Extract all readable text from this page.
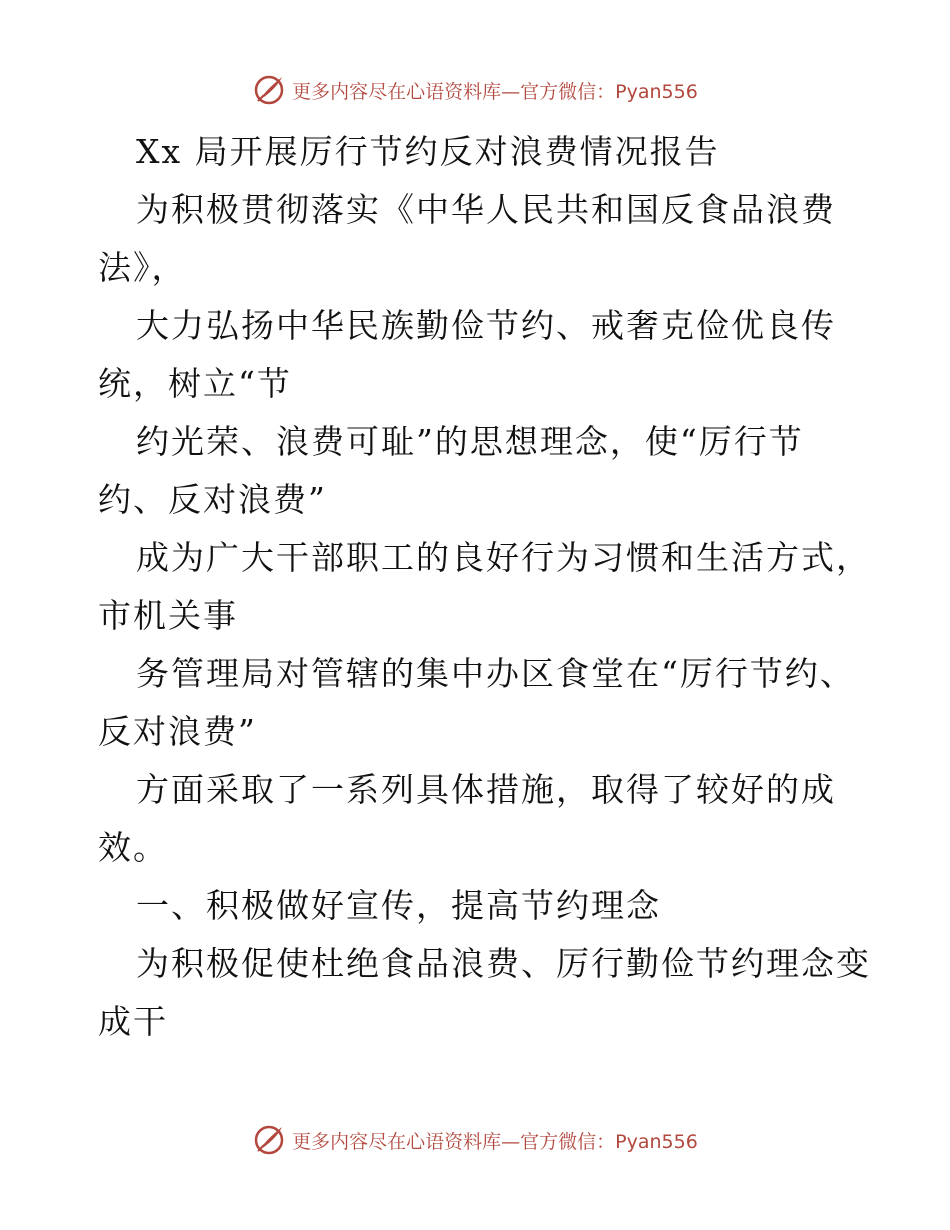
更多内容尽在心语资料库—官方微信：Pyan556
Xx 局开展厉行节约反对浪费情况报告
为积极贯彻落实《中华人民共和国反食品浪费
法》，
大力弘扬中华民族勤俭节约、戒奢克俭优良传
统，树立“节
约光荣、浪费可耻”的思想理念，使“厉行节
约、反对浪费”
成为广大干部职工的良好行为习惯和生活方式，
市机关事
务管理局对管辖的集中办区食堂在“厉行节约、
反对浪费”
方面采取了一系列具体措施，取得了较好的成
效。
一、积极做好宣传，提高节约理念
为积极促使杜绝食品浪费、厉行勤俭节约理念变
成干
更多内容尽在心语资料库—官方微信：Pyan556
